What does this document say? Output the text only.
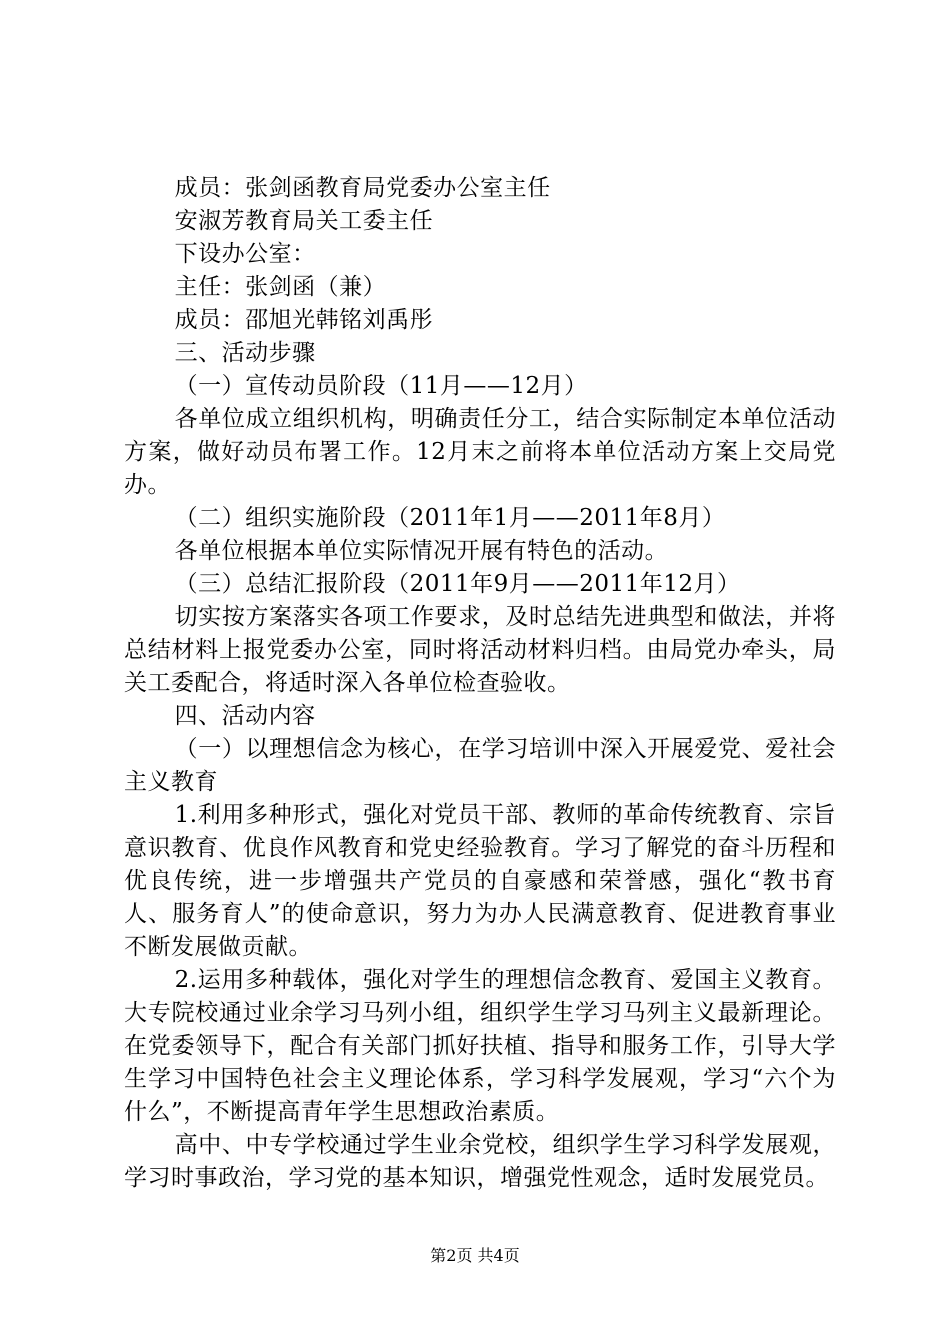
成员：张剑函教育局党委办公室主任

安淑芳教育局关工委主任

下设办公室：

主任：张剑函（兼）

成员：邵旭光韩铭刘禹彤

三、活动步骤

（一）宣传动员阶段（11月——12月）

各单位成立组织机构，明确责任分工，结合实际制定本单位活动方案，做好动员布署工作。12月末之前将本单位活动方案上交局党办。

（二）组织实施阶段（2011年1月——2011年8月）

各单位根据本单位实际情况开展有特色的活动。

（三）总结汇报阶段（2011年9月——2011年12月）

切实按方案落实各项工作要求，及时总结先进典型和做法，并将总结材料上报党委办公室，同时将活动材料归档。由局党办牵头，局关工委配合，将适时深入各单位检查验收。

四、活动内容

（一）以理想信念为核心，在学习培训中深入开展爱党、爱社会主义教育

1.利用多种形式，强化对党员干部、教师的革命传统教育、宗旨意识教育、优良作风教育和党史经验教育。学习了解党的奋斗历程和优良传统，进一步增强共产党员的自豪感和荣誉感，强化“教书育人、服务育人”的使命意识，努力为办人民满意教育、促进教育事业不断发展做贡献。

2.运用多种载体，强化对学生的理想信念教育、爱国主义教育。大专院校通过业余学习马列小组，组织学生学习马列主义最新理论。在党委领导下，配合有关部门抓好扶植、指导和服务工作，引导大学生学习中国特色社会主义理论体系，学习科学发展观，学习“六个为什么”，不断提高青年学生思想政治素质。

高中、中专学校通过学生业余党校，组织学生学习科学发展观，学习时事政治，学习党的基本知识，增强党性观念，适时发展党员。

第2页 共4页
